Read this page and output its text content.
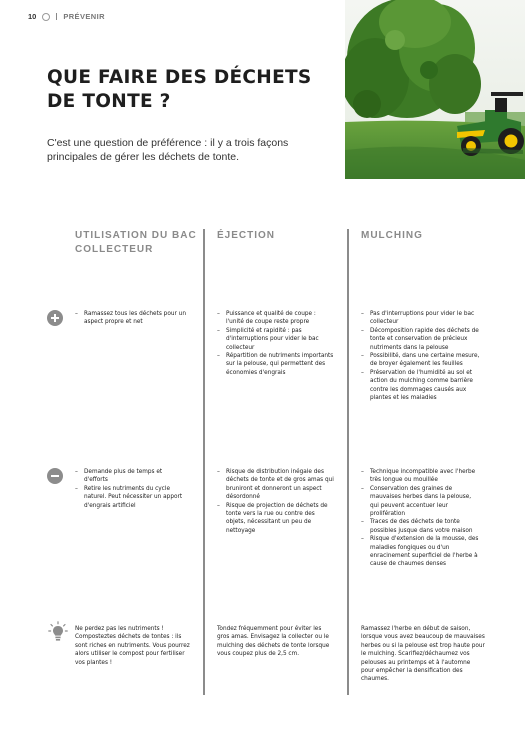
10	PRÉVENIR
QUE FAIRE DES DÉCHETS DE TONTE ?

C'est une question de préférence : il y a trois façons principales de gérer les déchets de tonte.

UTILISATION DU BAC COLLECTEUR
ÉJECTION	MULCHING
– Ramassez tous les déchets pour un aspect propre et net
– Demande plus de temps et d'efforts
– Retire les nutriments du cycle naturel. Peut nécessiter un apport d'engrais artificiel

Ne perdez pas les nutriments ! Composteztes déchets de tontes : ils sont riches en nutriments. Vous pourrez alors utiliser le compost pour fertiliser vos plantes !

– Puissance et qualité de coupe : l'unité de coupe reste propre
– Simplicité et rapidité : pas d'interruptions pour vider le bac collecteur
– Répartition de nutriments importants sur la pelouse, qui permettent des économies d'engrais
– Risque de distribution inégale des déchets de tonte et de gros amas qui bruniront et donneront un aspect désordonné
– Risque de projection de déchets de tonte vers la rue ou contre des objets, nécessitant un peu de nettoyage

Tondez fréquemment pour éviter les gros amas. Envisagez la collecter ou le mulching des déchets de tonte lorsque vous coupez plus de 2,5 cm.

– Pas d'interruptions pour vider le bac collecteur
– Décomposition rapide des déchets de tonte et conservation de précieux nutriments dans la pelouse
– Possibilité, dans une certaine mesure, de broyer également les feuilles
– Préservation de l'humidité au sol et action du mulching comme barrière contre les dommages causés aux plantes et les maladies
– Technique incompatible avec l'herbe très longue ou mouillée
– Conservation des graines de mauvaises herbes dans la pelouse, qui peuvent accentuer leur prolifération
– Traces de des déchets de tonte possibles jusque dans votre maison
– Risque d'extension de la mousse, des maladies fongiques ou d'un enracinement superficiel de l'herbe à cause de chaumes denses

Ramassez l'herbe en début de saison, lorsque vous avez beaucoup de mauvaises herbes ou si la pelouse est trop haute pour le mulching. Scarifiez/déchaumez vos pelouses au printemps et à l'automne pour empêcher la densification des chaumes.
